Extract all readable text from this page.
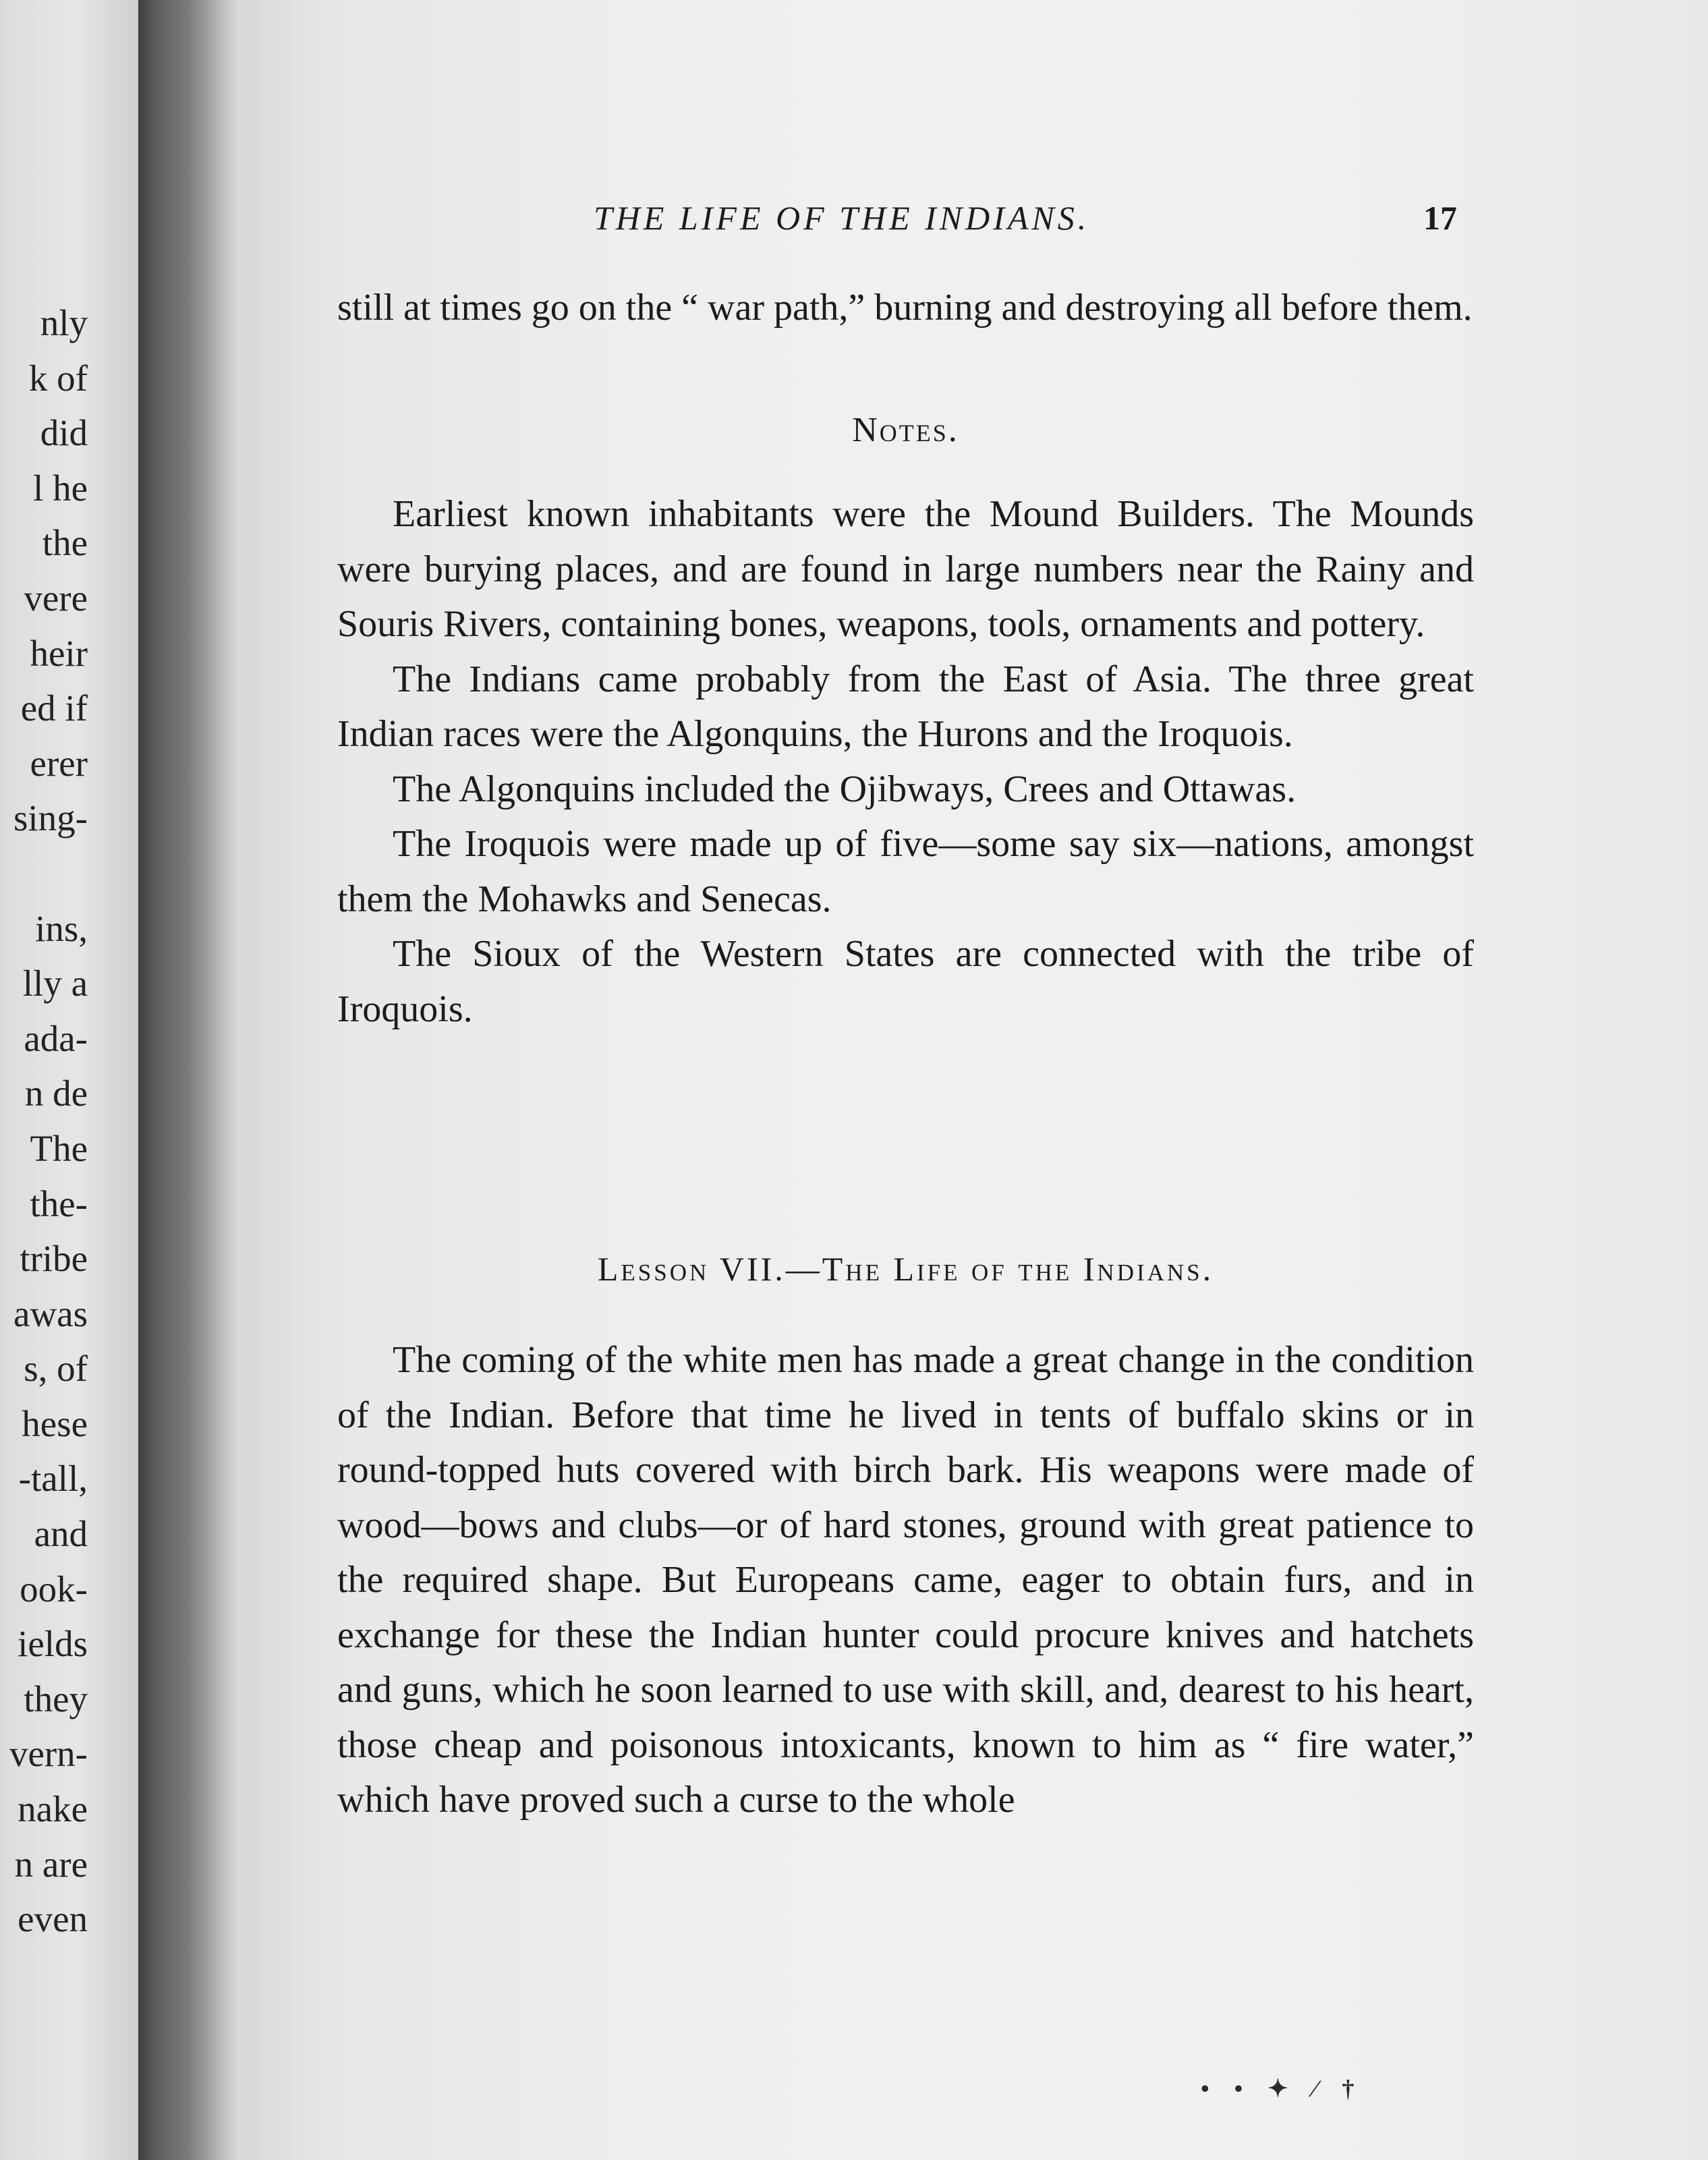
nly
k of
did
l he
the
vere
heir
ed if
erer
sing-

ins,
lly a
ada-
n de
The
the-
tribe
awas
s, of
hese
-tall,
and
ook-
ields
they
vern-
nake
n are
even
THE LIFE OF THE INDIANS.	17

still at times go on the “ war path,” burning and destroying all before them.

Notes.

Earliest known inhabitants were the Mound Builders. The Mounds were burying places, and are found in large numbers near the Rainy and Souris Rivers, containing bones, weapons, tools, ornaments and pottery.

The Indians came probably from the East of Asia. The three great Indian races were the Algonquins, the Hurons and the Iroquois.

The Algonquins included the Ojibways, Crees and Ottawas.

The Iroquois were made up of five—some say six—nations, amongst them the Mohawks and Senecas.

The Sioux of the Western States are connected with the tribe of Iroquois.

Lesson VII.—The Life of the Indians.

The coming of the white men has made a great change in the condition of the Indian. Before that time he lived in tents of buffalo skins or in round-topped huts covered with birch bark. His weapons were made of wood—bows and clubs—or of hard stones, ground with great patience to the required shape. But Europeans came, eager to obtain furs, and in exchange for these the Indian hunter could procure knives and hatchets and guns, which he soon learned to use with skill, and, dearest to his heart, those cheap and poisonous intoxicants, known to him as “ fire water,” which have proved such a curse to the whole

• • ✦ ⁄ †
